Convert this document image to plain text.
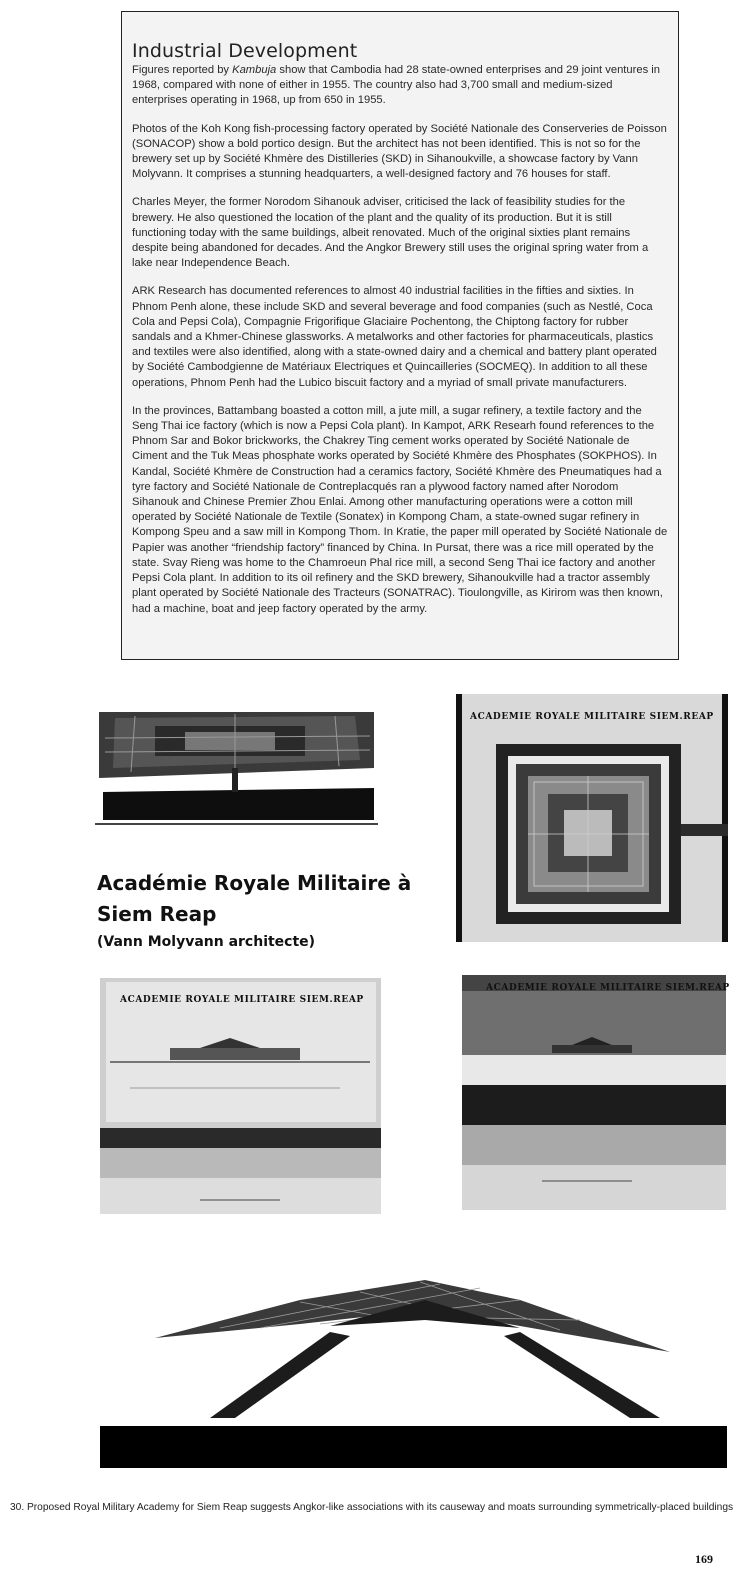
Industrial Development

Figures reported by Kambuja show that Cambodia had 28 state-owned enterprises and 29 joint ventures in 1968, compared with none of either in 1955. The country also had 3,700 small and medium-sized enterprises operating in 1968, up from 650 in 1955.

Photos of the Koh Kong fish-processing factory operated by Société Nationale des Conserveries de Poisson (SONACOP) show a bold portico design. But the architect has not been identified. This is not so for the brewery set up by Société Khmère des Distilleries (SKD) in Sihanoukville, a showcase factory by Vann Molyvann. It comprises a stunning headquarters, a well-designed factory and 76 houses for staff.

Charles Meyer, the former Norodom Sihanouk adviser, criticised the lack of feasibility studies for the brewery. He also questioned the location of the plant and the quality of its production. But it is still functioning today with the same buildings, albeit renovated. Much of the original sixties plant remains despite being abandoned for decades. And the Angkor Brewery still uses the original spring water from a lake near Independence Beach.

ARK Research has documented references to almost 40 industrial facilities in the fifties and sixties. In Phnom Penh alone, these include SKD and several beverage and food companies (such as Nestlé, Coca Cola and Pepsi Cola), Compagnie Frigorifique Glaciaire Pochentong, the Chiptong factory for rubber sandals and a Khmer-Chinese glassworks. A metalworks and other factories for pharmaceuticals, plastics and textiles were also identified, along with a state-owned dairy and a chemical and battery plant operated by Société Cambodgienne de Matériaux Electriques et Quincailleries (SOCMEQ). In addition to all these operations, Phnom Penh had the Lubico biscuit factory and a myriad of small private manufacturers.

In the provinces, Battambang boasted a cotton mill, a jute mill, a sugar refinery, a textile factory and the Seng Thai ice factory (which is now a Pepsi Cola plant). In Kampot, ARK Researh found references to the Phnom Sar and Bokor brickworks, the Chakrey Ting cement works operated by Société Nationale de Ciment and the Tuk Meas phosphate works operated by Société Khmère des Phosphates (SOKPHOS). In Kandal, Société Khmère de Construction had a ceramics factory, Société Khmère des Pneumatiques had a tyre factory and Société Nationale de Contreplacqués ran a plywood factory named after Norodom Sihanouk and Chinese Premier Zhou Enlai. Among other manufacturing operations were a cotton mill operated by Société Nationale de Textile (Sonatex) in Kompong Cham, a state-owned sugar refinery in Kompong Speu and a saw mill in Kompong Thom. In Kratie, the paper mill operated by Société Nationale de Papier was another “friendship factory” financed by China. In Pursat, there was a rice mill operated by the state. Svay Rieng was home to the Chamroeun Phal rice mill, a second Seng Thai ice factory and another Pepsi Cola plant. In addition to its oil refinery and the SKD brewery, Sihanoukville had a tractor assembly plant operated by Société Nationale des Tracteurs (SONATRAC). Tioulongville, as Kirirom was then known, had a machine, boat and jeep factory operated by the army.

ACADEMIE ROYALE MILITAIRE SIEM.REAP
Académie Royale Militaire à Siem Reap
(Vann Molyvann architecte)
ACADEMIE ROYALE MILITAIRE SIEM.REAP
ACADEMIE ROYALE MILITAIRE SIEM.REAP
30. Proposed Royal Military Academy for Siem Reap suggests Angkor-like associations with its causeway and moats surrounding symmetrically-placed buildings
169
